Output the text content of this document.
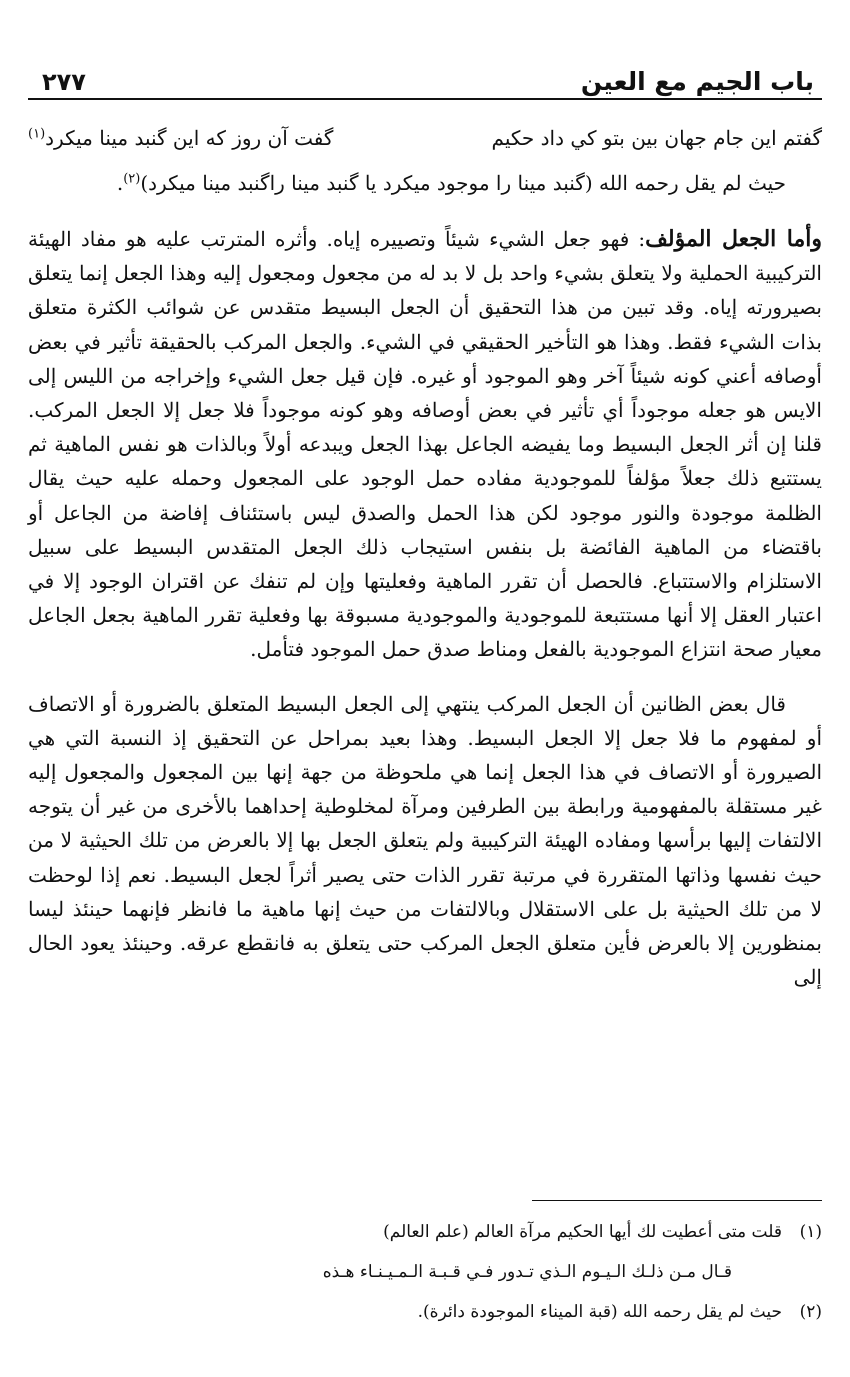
باب الجيم مع العين
٢٧٧
گفتم اين جام جهان بين بتو كي داد حكيم
گفت آن روز كه اين گنبد مينا ميكرد$^{(١)}$

حيث لم يقل رحمه الله (گنبد مينا را موجود ميكرد يا گنبد مينا راگنبد مينا ميكرد)$^{(٢)}$.

وأما الجعل المؤلف: فهو جعل الشيء شيئاً وتصييره إياه. وأثره المترتب عليه هو مفاد الهيئة التركيبية الحملية ولا يتعلق بشيء واحد بل لا بد له من مجعول ومجعول إليه وهذا الجعل إنما يتعلق بصيرورته إياه. وقد تبين من هذا التحقيق أن الجعل البسيط متقدس عن شوائب الكثرة متعلق بذات الشيء فقط. وهذا هو التأخير الحقيقي في الشيء. والجعل المركب بالحقيقة تأثير في بعض أوصافه أعني كونه شيئاً آخر وهو الموجود أو غيره. فإن قيل جعل الشيء وإخراجه من الليس إلى الايس هو جعله موجوداً أي تأثير في بعض أوصافه وهو كونه موجوداً فلا جعل إلا الجعل المركب. قلنا إن أثر الجعل البسيط وما يفيضه الجاعل بهذا الجعل ويبدعه أولاً وبالذات هو نفس الماهية ثم يستتبع ذلك جعلاً مؤلفاً للموجودية مفاده حمل الوجود على المجعول وحمله عليه حيث يقال الظلمة موجودة والنور موجود لكن هذا الحمل والصدق ليس باستئناف إفاضة من الجاعل أو باقتضاء من الماهية الفائضة بل بنفس استيجاب ذلك الجعل المتقدس البسيط على سبيل الاستلزام والاستتباع. فالحصل أن تقرر الماهية وفعليتها وإن لم تنفك عن اقتران الوجود إلا في اعتبار العقل إلا أنها مستتبعة للموجودية والموجودية مسبوقة بها وفعلية تقرر الماهية بجعل الجاعل معيار صحة انتزاع الموجودية بالفعل ومناط صدق حمل الموجود فتأمل.

قال بعض الظانين أن الجعل المركب ينتهي إلى الجعل البسيط المتعلق بالضرورة أو الاتصاف أو لمفهوم ما فلا جعل إلا الجعل البسيط. وهذا بعيد بمراحل عن التحقيق إذ النسبة التي هي الصيرورة أو الاتصاف في هذا الجعل إنما هي ملحوظة من جهة إنها بين المجعول والمجعول إليه غير مستقلة بالمفهومية ورابطة بين الطرفين ومرآة لمخلوطية إحداهما بالأخرى من غير أن يتوجه الالتفات إليها برأسها ومفاده الهيئة التركيبية ولم يتعلق الجعل بها إلا بالعرض من تلك الحيثية لا من حيث نفسها وذاتها المتقررة في مرتبة تقرر الذات حتى يصير أثراً لجعل البسيط. نعم إذا لوحظت لا من تلك الحيثية بل على الاستقلال وبالالتفات من حيث إنها ماهية ما فانظر فإنهما حينئذ ليسا بمنظورين إلا بالعرض فأين متعلق الجعل المركب حتى يتعلق به فانقطع عرقه. وحينئذ يعود الحال إلى

(١)
قلت متى أعطيت لك أيها الحكيم مرآة العالم (علم العالم)
قـال مـن ذلـك الـيـوم الـذي تـدور فـي قـبـة الـمـيـنـاء هـذه
(٢)
حيث لم يقل رحمه الله (قبة الميناء الموجودة دائرة).
